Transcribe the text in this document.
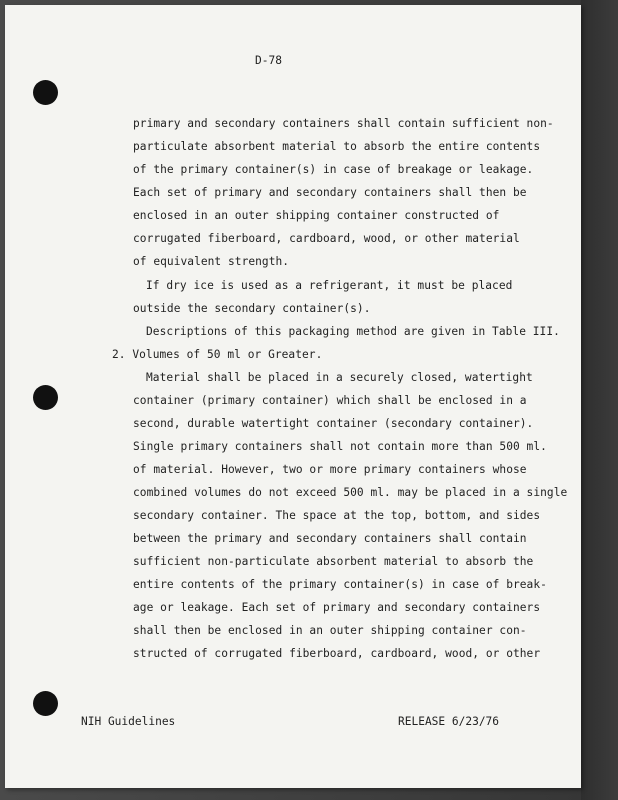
D-78
primary and secondary containers shall contain sufficient non-
particulate absorbent material to absorb the entire contents
of the primary container(s) in case of breakage or leakage.
Each set of primary and secondary containers shall then be
enclosed in an outer shipping container constructed of
corrugated fiberboard, cardboard, wood, or other material
of equivalent strength.
If dry ice is used as a refrigerant, it must be placed
outside the secondary container(s).
Descriptions of this packaging method are given in Table III.
2. Volumes of 50 ml or Greater.
Material shall be placed in a securely closed, watertight
container (primary container) which shall be enclosed in a
second, durable watertight container (secondary container).
Single primary containers shall not contain more than 500 ml.
of material. However, two or more primary containers whose
combined volumes do not exceed 500 ml. may be placed in a single
secondary container. The space at the top, bottom, and sides
between the primary and secondary containers shall contain
sufficient non-particulate absorbent material to absorb the
entire contents of the primary container(s) in case of break-
age or leakage. Each set of primary and secondary containers
shall then be enclosed in an outer shipping container con-
structed of corrugated fiberboard, cardboard, wood, or other
NIH Guidelines	RELEASE 6/23/76
